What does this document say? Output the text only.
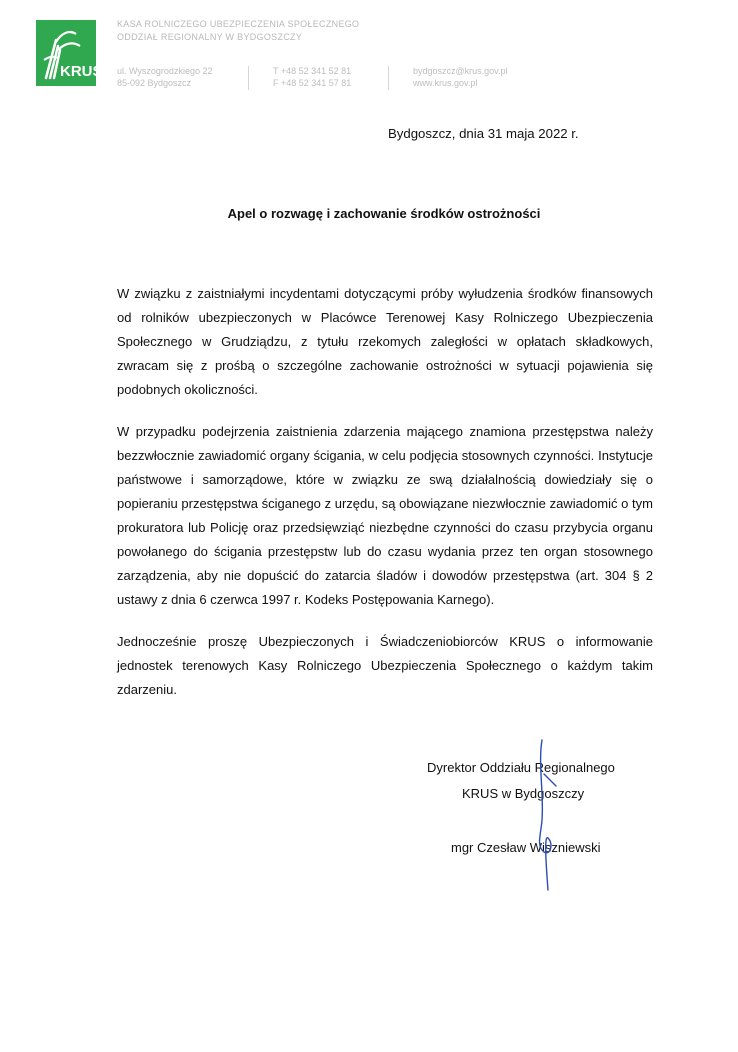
KRUS
KASA ROLNICZEGO UBEZPIECZENIA SPOŁECZNEGO
ODDZIAŁ REGIONALNY W BYDGOSZCZY
ul. Wyszogrodzkiego 22
85-092 Bydgoszcz
T +48 52 341 52 81
F +48 52 341 57 81
bydgoszcz@krus.gov.pl
www.krus.gov.pl
Bydgoszcz, dnia 31 maja 2022 r.
Apel o rozwagę i zachowanie środków ostrożności

W związku z zaistniałymi incydentami dotyczącymi próby wyłudzenia środków finansowych od rolników ubezpieczonych w Placówce Terenowej Kasy Rolniczego Ubezpieczenia Społecznego w Grudziądzu, z tytułu rzekomych zaległości w opłatach składkowych, zwracam się z prośbą o szczególne zachowanie ostrożności w sytuacji pojawienia się podobnych okoliczności.

W przypadku podejrzenia zaistnienia zdarzenia mającego znamiona przestępstwa należy bezzwłocznie zawiadomić organy ścigania, w celu podjęcia stosownych czynności. Instytucje państwowe i samorządowe, które w związku ze swą działalnością dowiedziały się o popieraniu przestępstwa ściganego z urzędu, są obowiązane niezwłocznie zawiadomić o tym prokuratora lub Policję oraz przedsięwziąć niezbędne czynności do czasu przybycia organu powołanego do ścigania przestępstw lub do czasu wydania przez ten organ stosownego zarządzenia, aby nie dopuścić do zatarcia śladów i dowodów przestępstwa (art. 304 § 2 ustawy z dnia 6 czerwca 1997 r. Kodeks Postępowania Karnego).

Jednocześnie proszę Ubezpieczonych i Świadczeniobiorców KRUS o informowanie jednostek terenowych Kasy Rolniczego Ubezpieczenia Społecznego o każdym takim zdarzeniu.

Dyrektor Oddziału Regionalnego
KRUS w Bydgoszczy
mgr Czesław Wiszniewski
